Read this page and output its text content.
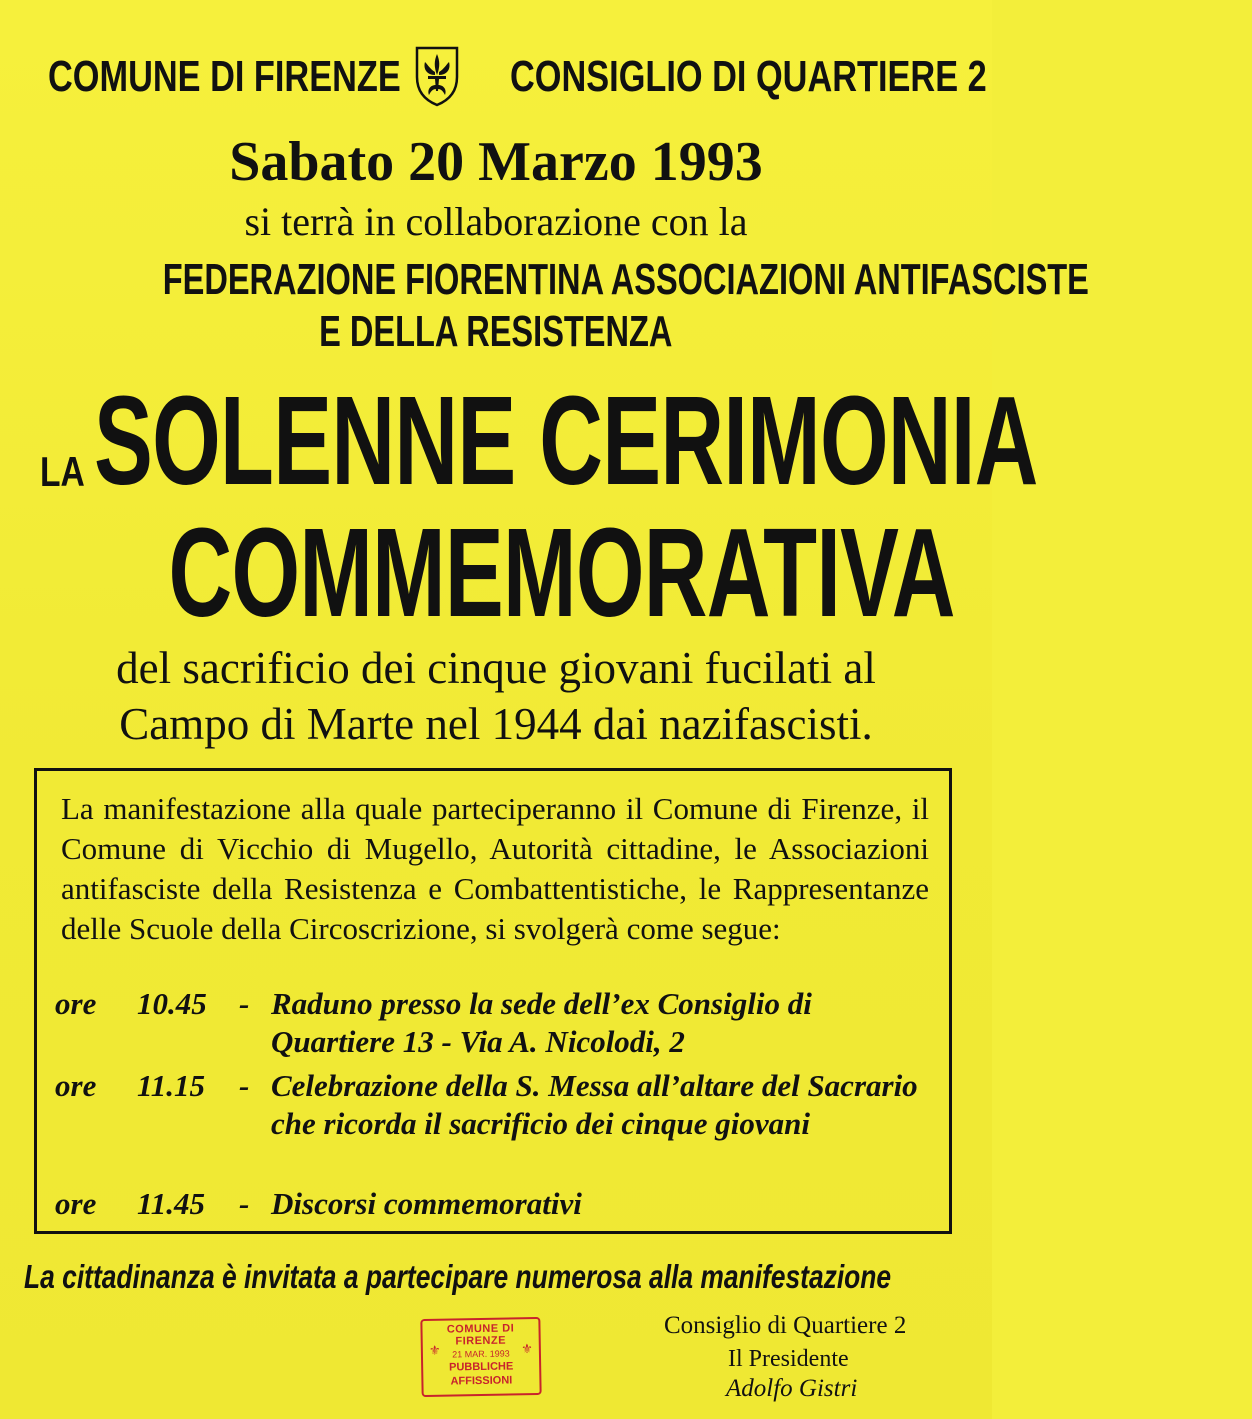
COMUNE DI FIRENZE CONSIGLIO DI QUARTIERE 2
Sabato 20 Marzo 1993
si terrà in collaborazione con la
FEDERAZIONE FIORENTINA ASSOCIAZIONI ANTIFASCISTE
E DELLA RESISTENZA
LA SOLENNE CERIMONIA
COMMEMORATIVA
del sacrificio dei cinque giovani fucilati al
Campo di Marte nel 1944 dai nazifascisti.
La manifestazione alla quale parteciperanno il Comune di Firenze, il Comune di Vicchio di Mugello, Autorità cittadine, le Associazioni antifasciste della Resistenza e Combattentistiche, le Rappresentanze delle Scuole della Circoscrizione, si svolgerà come segue:
ore 10.45 - Raduno presso la sede dell’ex Consiglio di Quartiere 13 - Via A. Nicolodi, 2
ore 11.15 - Celebrazione della S. Messa all’altare del Sacrario che ricorda il sacrificio dei cinque giovani
ore 11.45 - Discorsi commemorativi
La cittadinanza è invitata a partecipare numerosa alla manifestazione
COMUNE DI FIRENZE
21 MAR. 1993
PUBBLICHE
AFFISSIONI
⚜	⚜
Consiglio di Quartiere 2
Il Presidente
Adolfo Gistri
